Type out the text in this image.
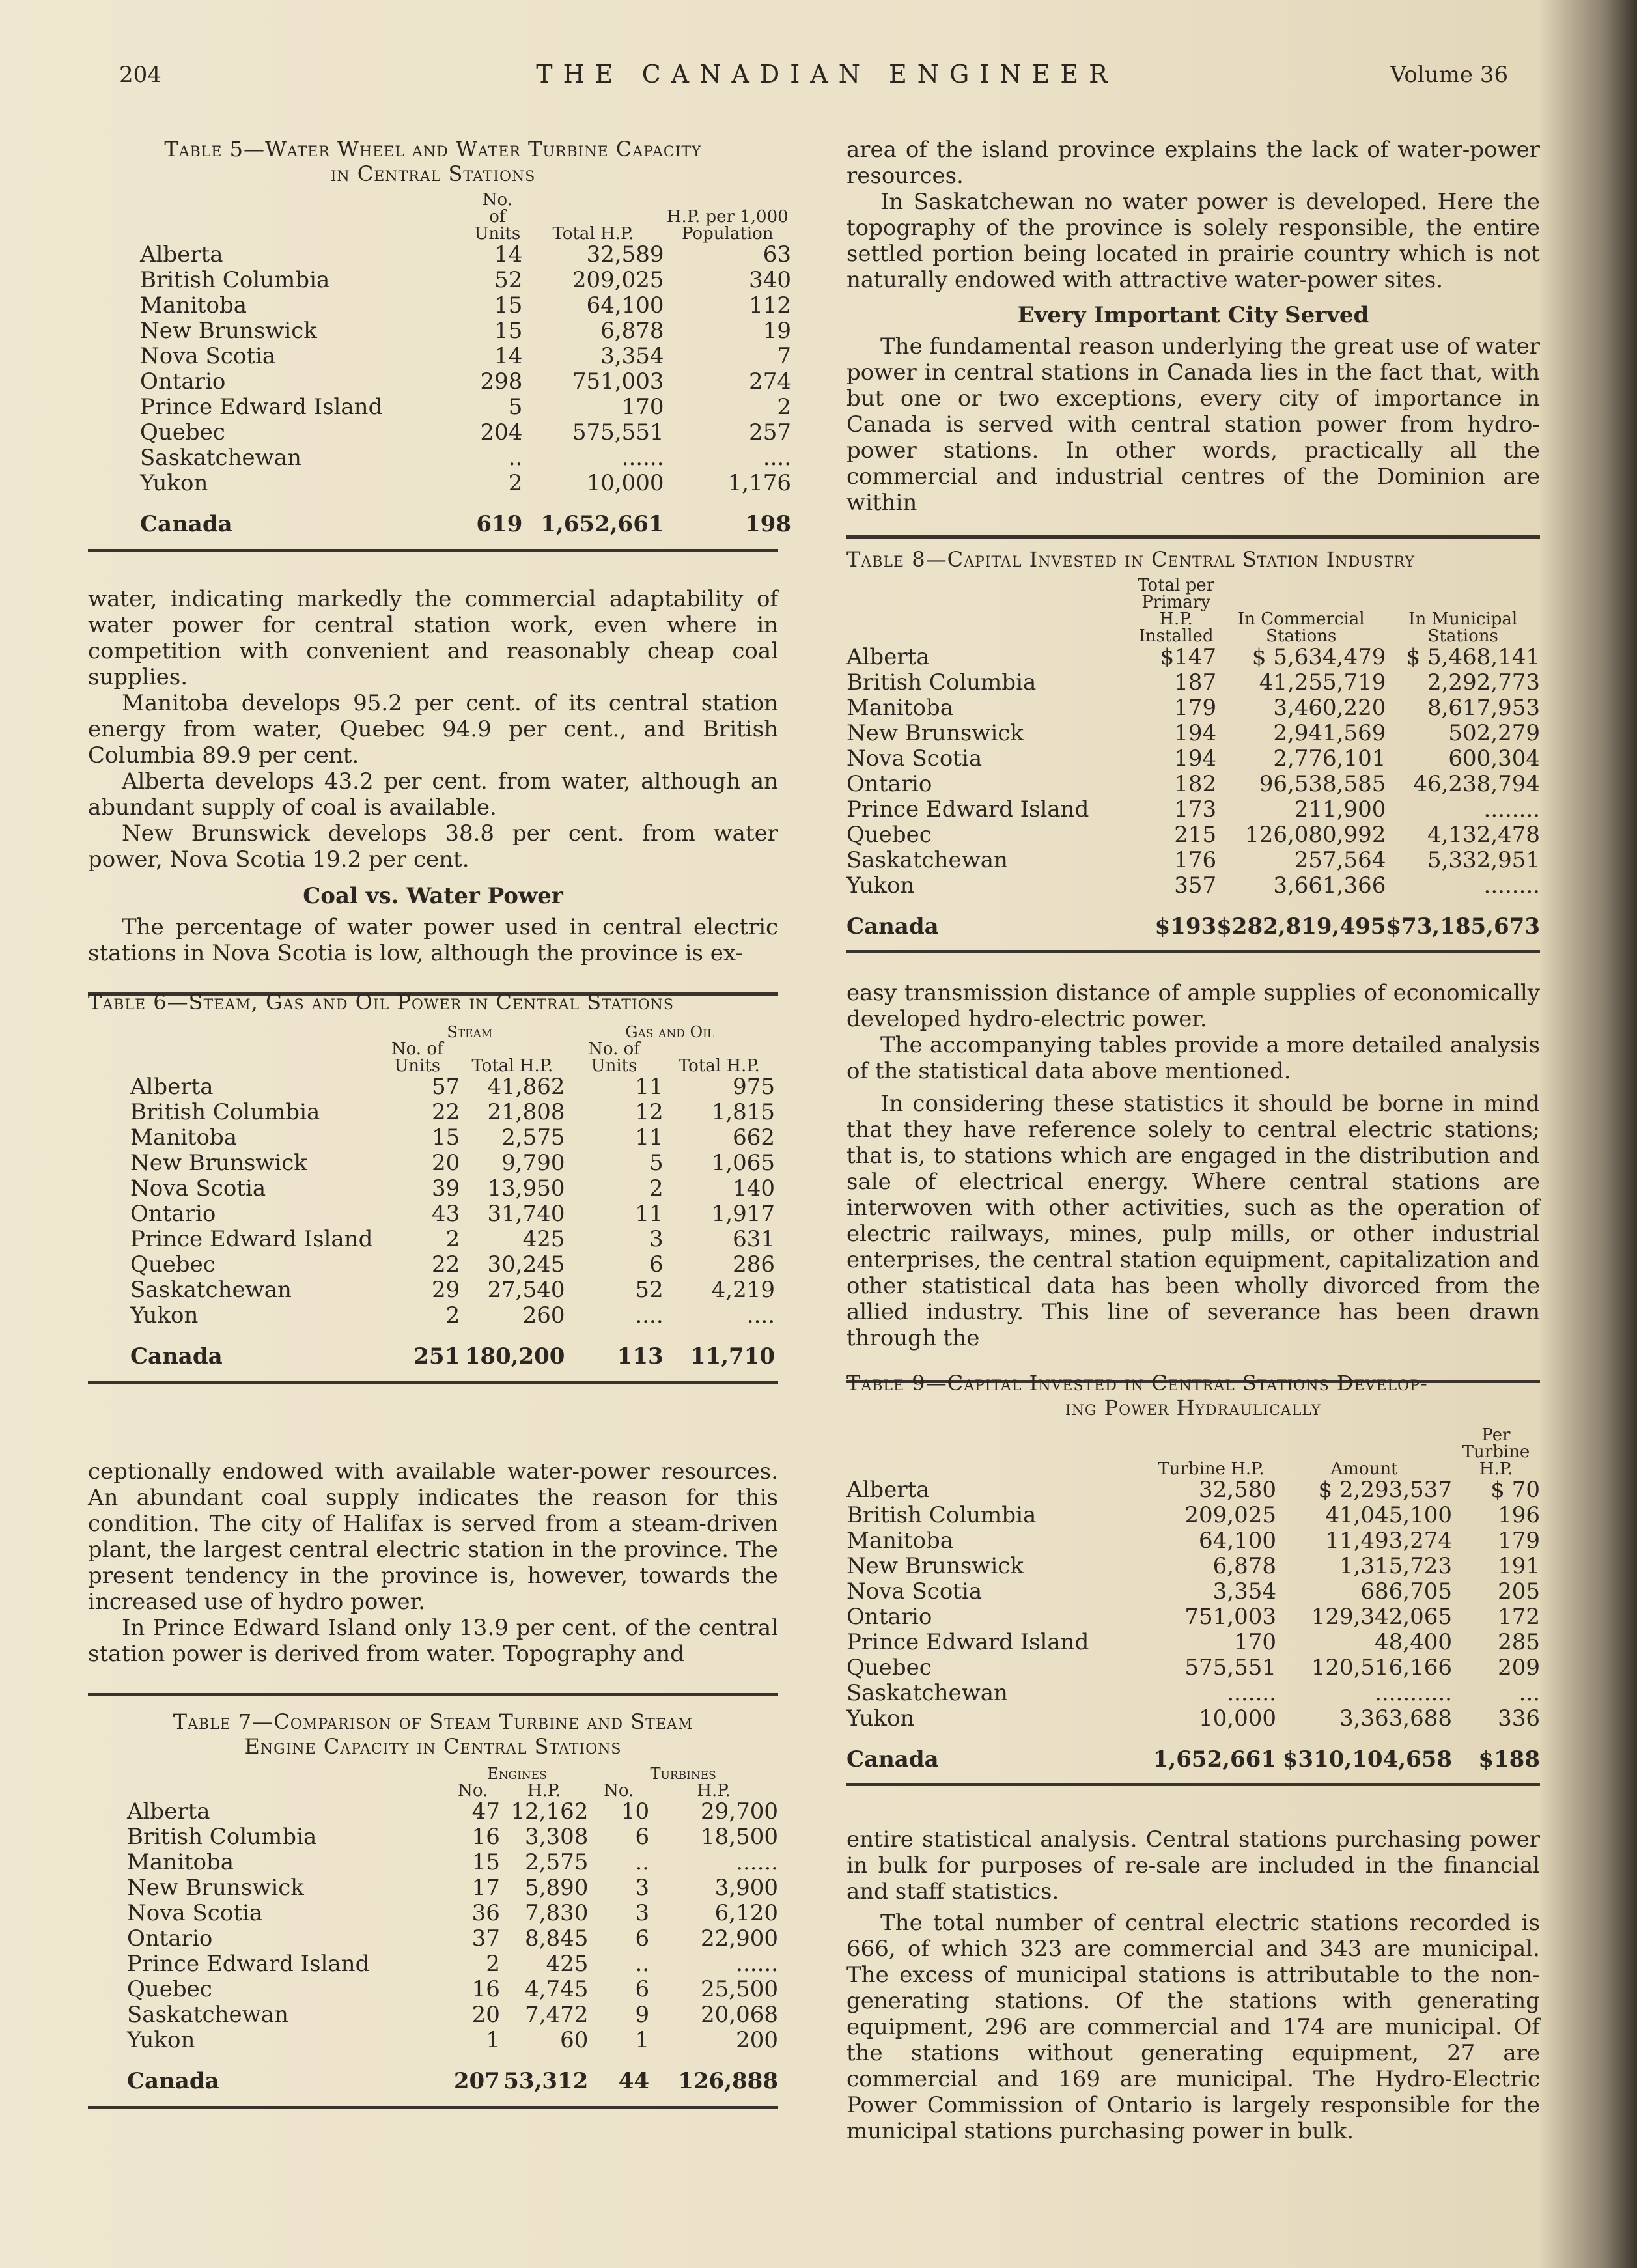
204	THE CANADIAN ENGINEER	Volume 36
Table 5—Water Wheel and Water Turbine Capacity
in Central Stations
	No. of Units	Total H.P.	H.P. per 1,000 Population
Alberta	14	32,589	63
British Columbia	52	209,025	340
Manitoba	15	64,100	112
New Brunswick	15	6,878	19
Nova Scotia	14	3,354	7
Ontario	298	751,003	274
Prince Edward Island	5	170	2
Quebec	204	575,551	257
Saskatchewan	..	......	....
Yukon	2	10,000	1,176
Canada	619	1,652,661	198

water, indicating markedly the commercial adaptability of water power for central station work, even where in competition with convenient and reasonably cheap coal supplies.

Manitoba develops 95.2 per cent. of its central station energy from water, Quebec 94.9 per cent., and British Columbia 89.9 per cent.

Alberta develops 43.2 per cent. from water, although an abundant supply of coal is available.

New Brunswick develops 38.8 per cent. from water power, Nova Scotia 19.2 per cent.

Coal vs. Water Power

The percentage of water power used in central electric stations in Nova Scotia is low, although the province is ex-

Table 6—Steam, Gas and Oil Power in Central Stations
	Steam		Gas and Oil	
	No. of Units	Total H.P.	No. of Units	Total H.P.
Alberta	57	41,862	11	975
British Columbia	22	21,808	12	1,815
Manitoba	15	2,575	11	662
New Brunswick	20	9,790	5	1,065
Nova Scotia	39	13,950	2	140
Ontario	43	31,740	11	1,917
Prince Edward Island	2	425	3	631
Quebec	22	30,245	6	286
Saskatchewan	29	27,540	52	4,219
Yukon	2	260	....	....
Canada	251	180,200	113	11,710

ceptionally endowed with available water-power resources. An abundant coal supply indicates the reason for this condition. The city of Halifax is served from a steam-driven plant, the largest central electric station in the province. The present tendency in the province is, however, towards the increased use of hydro power.

In Prince Edward Island only 13.9 per cent. of the central station power is derived from water. Topography and

Table 7—Comparison of Steam Turbine and Steam
Engine Capacity in Central Stations
	Engines		Turbines	
	No.	H.P.	No.	H.P.
Alberta	47	12,162	10	29,700
British Columbia	16	3,308	6	18,500
Manitoba	15	2,575	..	......
New Brunswick	17	5,890	3	3,900
Nova Scotia	36	7,830	3	6,120
Ontario	37	8,845	6	22,900
Prince Edward Island	2	425	..	......
Quebec	16	4,745	6	25,500
Saskatchewan	20	7,472	9	20,068
Yukon	1	60	1	200
Canada	207	53,312	44	126,888

area of the island province explains the lack of water-power resources.

In Saskatchewan no water power is developed. Here the topography of the province is solely responsible, the entire settled portion being located in prairie country which is not naturally endowed with attractive water-power sites.

Every Important City Served

The fundamental reason underlying the great use of water power in central stations in Canada lies in the fact that, with but one or two exceptions, every city of importance in Canada is served with central station power from hydro-power stations. In other words, practically all the commercial and industrial centres of the Dominion are within

Table 8—Capital Invested in Central Station Industry
	Total per Primary H.P. Installed	In Commercial Stations	In Municipal Stations
Alberta	$147	$ 5,634,479	$ 5,468,141
British Columbia	187	41,255,719	2,292,773
Manitoba	179	3,460,220	8,617,953
New Brunswick	194	2,941,569	502,279
Nova Scotia	194	2,776,101	600,304
Ontario	182	96,538,585	46,238,794
Prince Edward Island	173	211,900	........
Quebec	215	126,080,992	4,132,478
Saskatchewan	176	257,564	5,332,951
Yukon	357	3,661,366	........
Canada	$193	$282,819,495	$73,185,673

easy transmission distance of ample supplies of economically developed hydro-electric power.

The accompanying tables provide a more detailed analysis of the statistical data above mentioned.

In considering these statistics it should be borne in mind that they have reference solely to central electric stations; that is, to stations which are engaged in the distribution and sale of electrical energy. Where central stations are interwoven with other activities, such as the operation of electric railways, mines, pulp mills, or other industrial enterprises, the central station equipment, capitalization and other statistical data has been wholly divorced from the allied industry. This line of severance has been drawn through the

Table 9—Capital Invested in Central Stations Develop-
ing Power Hydraulically
	Turbine H.P.	Amount	Per Turbine H.P.
Alberta	32,580	$ 2,293,537	$ 70
British Columbia	209,025	41,045,100	196
Manitoba	64,100	11,493,274	179
New Brunswick	6,878	1,315,723	191
Nova Scotia	3,354	686,705	205
Ontario	751,003	129,342,065	172
Prince Edward Island	170	48,400	285
Quebec	575,551	120,516,166	209
Saskatchewan	.......	...........	...
Yukon	10,000	3,363,688	336
Canada	1,652,661	$310,104,658	$188

entire statistical analysis. Central stations purchasing power in bulk for purposes of re-sale are included in the financial and staff statistics.

The total number of central electric stations recorded is 666, of which 323 are commercial and 343 are municipal. The excess of municipal stations is attributable to the non-generating stations. Of the stations with generating equipment, 296 are commercial and 174 are municipal. Of the stations without generating equipment, 27 are commercial and 169 are municipal. The Hydro-Electric Power Commission of Ontario is largely responsible for the municipal stations purchasing power in bulk.
